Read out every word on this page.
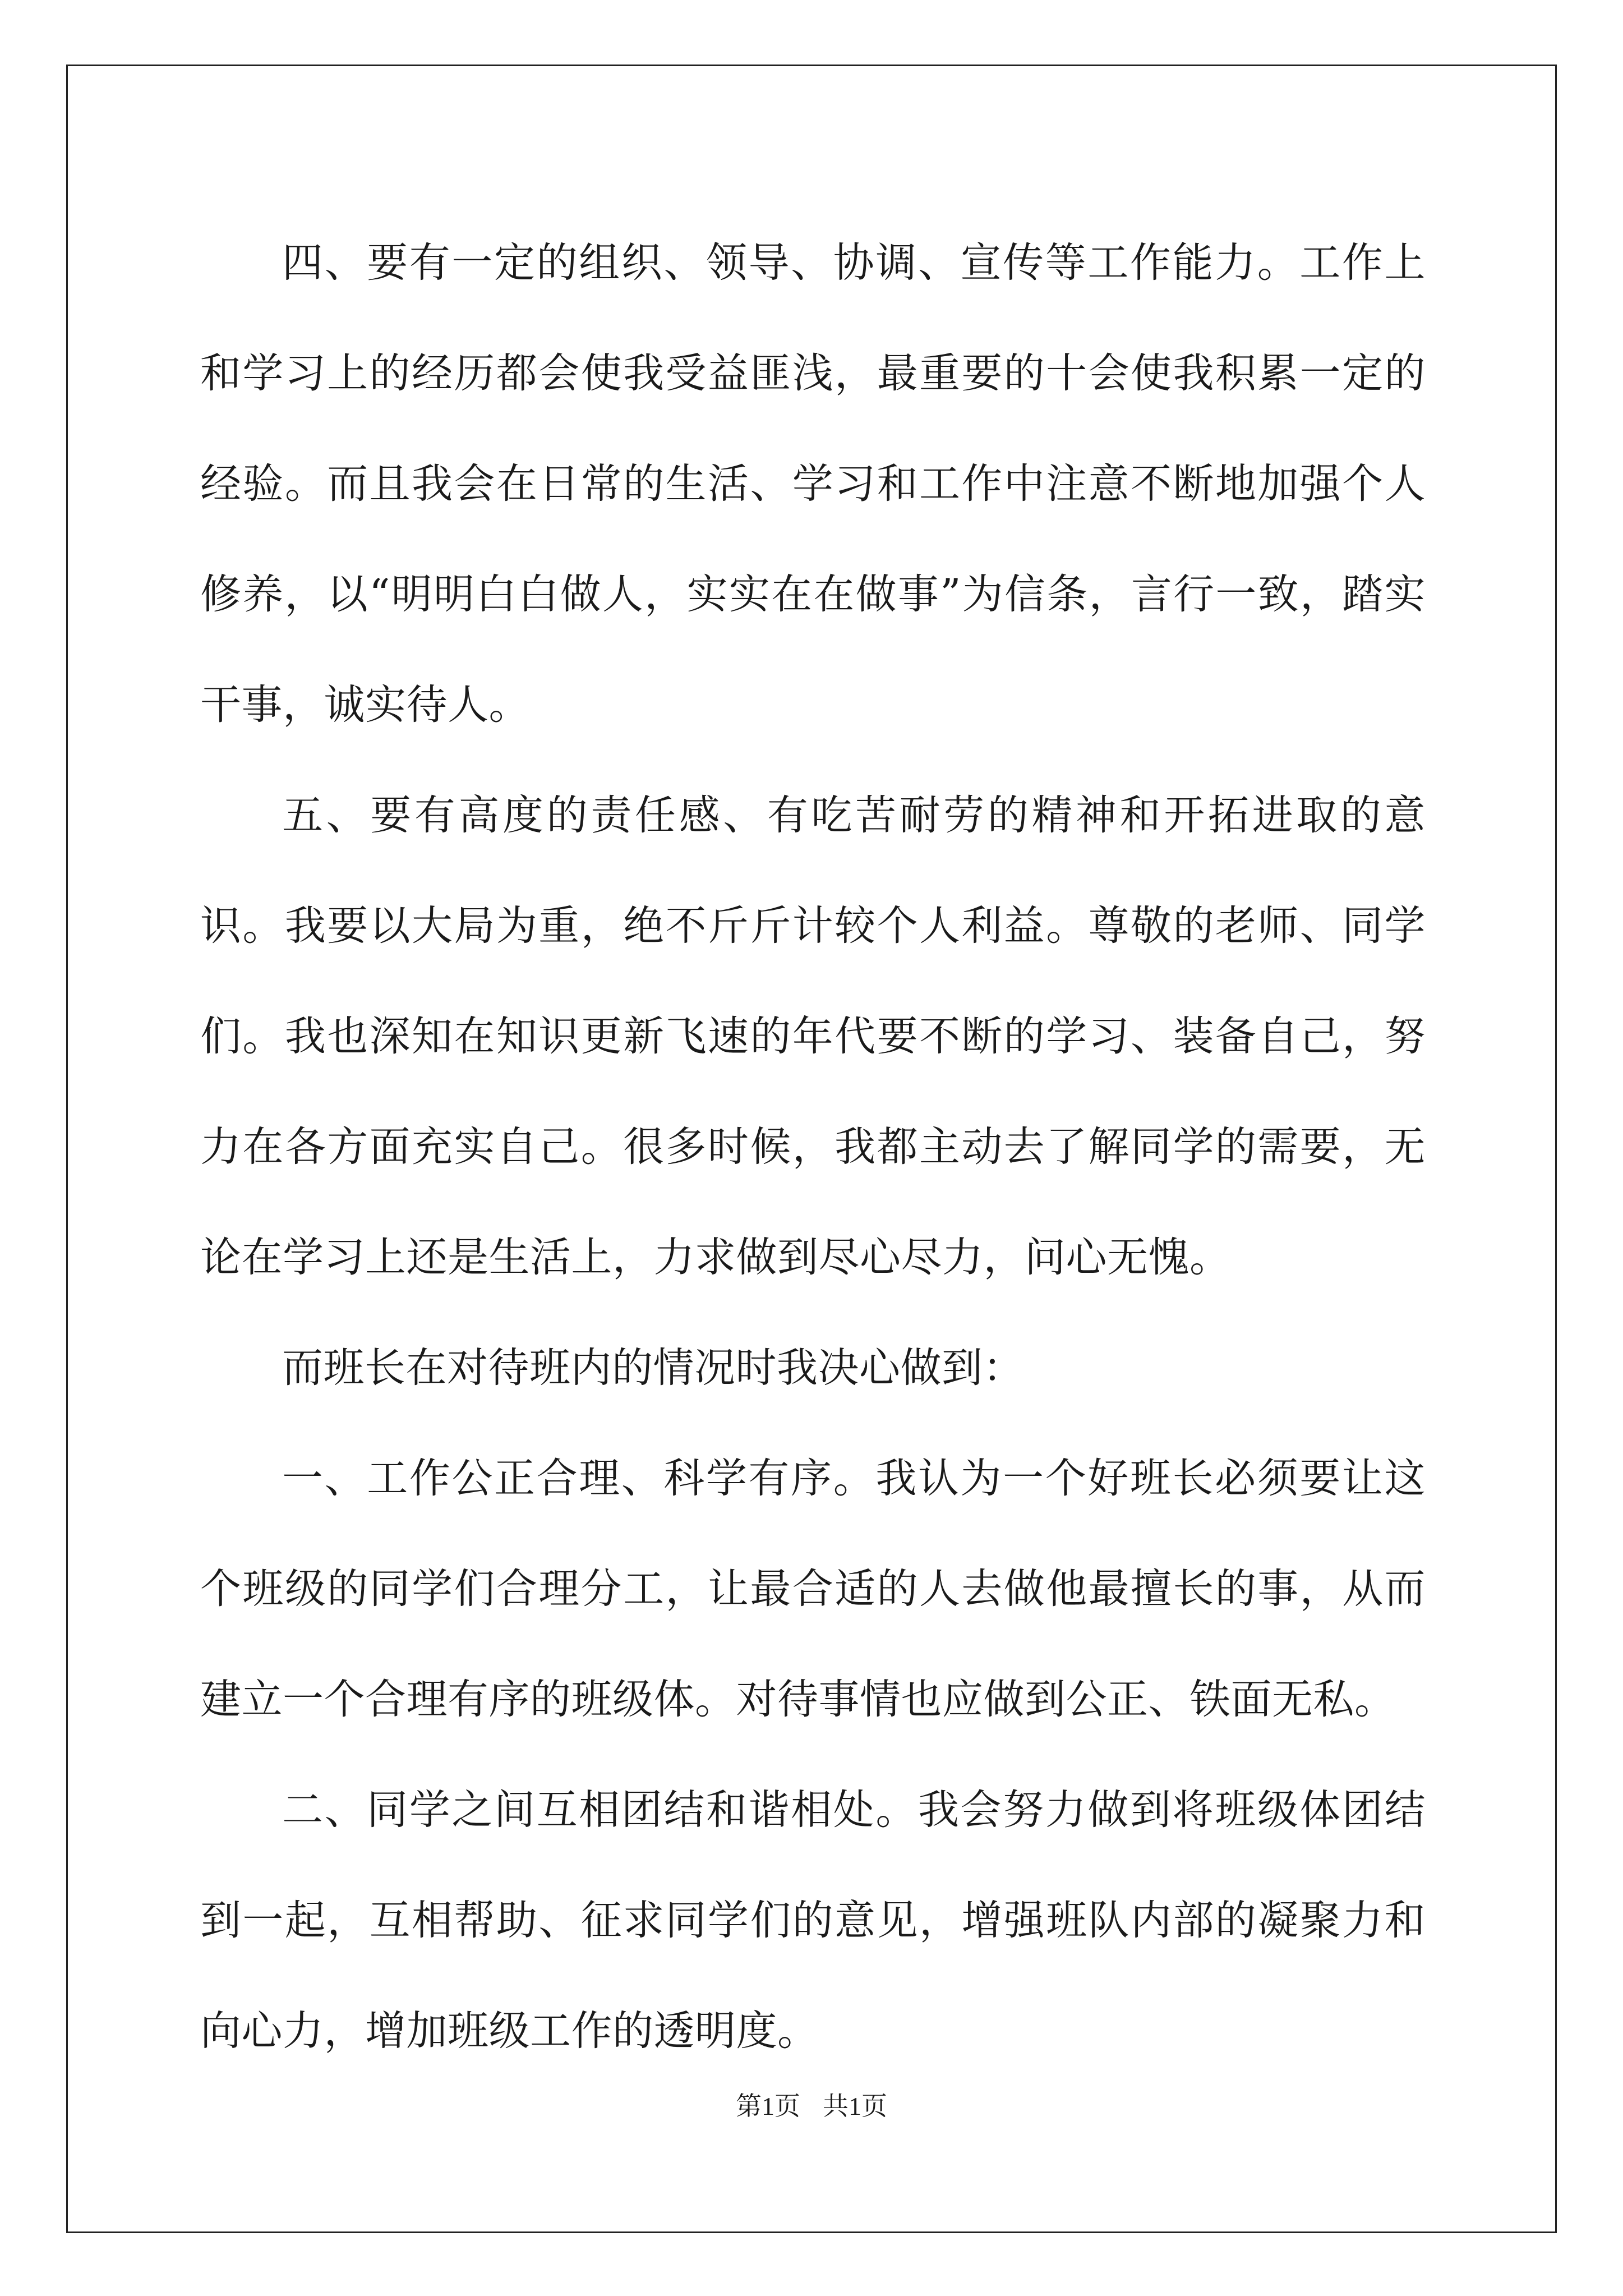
四、要有一定的组织、领导、协调、宣传等工作能力。工作上和学习上的经历都会使我受益匪浅，最重要的十会使我积累一定的经验。而且我会在日常的生活、学习和工作中注意不断地加强个人修养，以“明明白白做人，实实在在做事”为信条，言行一致，踏实干事，诚实待人。

五、要有高度的责任感、有吃苦耐劳的精神和开拓进取的意识。我要以大局为重，绝不斤斤计较个人利益。尊敬的老师、同学们。我也深知在知识更新飞速的年代要不断的学习、装备自己，努力在各方面充实自己。很多时候，我都主动去了解同学的需要，无论在学习上还是生活上，力求做到尽心尽力，问心无愧。

而班长在对待班内的情况时我决心做到：

一、工作公正合理、科学有序。我认为一个好班长必须要让这个班级的同学们合理分工，让最合适的人去做他最擅长的事，从而建立一个合理有序的班级体。对待事情也应做到公正、铁面无私。

二、同学之间互相团结和谐相处。我会努力做到将班级体团结到一起，互相帮助、征求同学们的意见，增强班队内部的凝聚力和向心力，增加班级工作的透明度。

第1页 共1页
